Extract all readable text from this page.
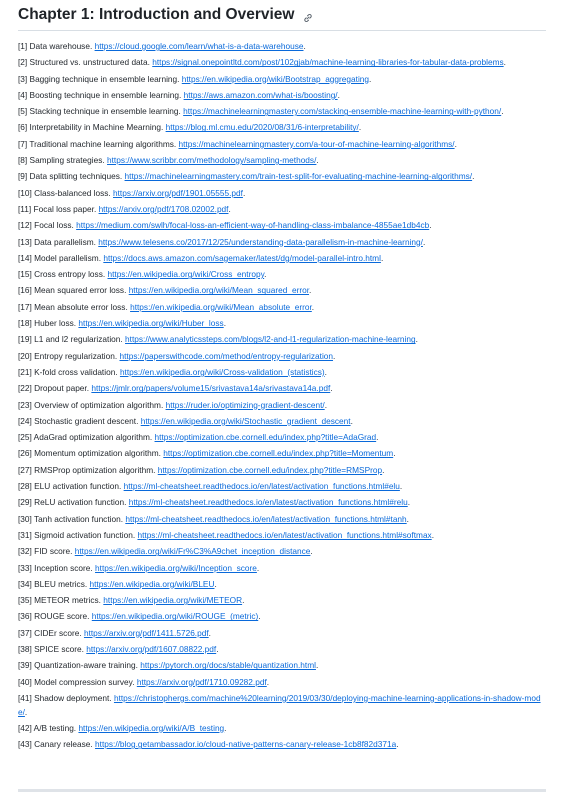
Chapter 1: Introduction and Overview
[1] Data warehouse. https://cloud.google.com/learn/what-is-a-data-warehouse.
[2] Structured vs. unstructured data. https://signal.onepointltd.com/post/102gjab/machine-learning-libraries-for-tabular-data-problems.
[3] Bagging technique in ensemble learning. https://en.wikipedia.org/wiki/Bootstrap_aggregating.
[4] Boosting technique in ensemble learning. https://aws.amazon.com/what-is/boosting/.
[5] Stacking technique in ensemble learning. https://machinelearningmastery.com/stacking-ensemble-machine-learning-with-python/.
[6] Interpretability in Machine Mearning. https://blog.ml.cmu.edu/2020/08/31/6-interpretability/.
[7] Traditional machine learning algorithms. https://machinelearningmastery.com/a-tour-of-machine-learning-algorithms/.
[8] Sampling strategies. https://www.scribbr.com/methodology/sampling-methods/.
[9] Data splitting techniques. https://machinelearningmastery.com/train-test-split-for-evaluating-machine-learning-algorithms/.
[10] Class-balanced loss. https://arxiv.org/pdf/1901.05555.pdf.
[11] Focal loss paper. https://arxiv.org/pdf/1708.02002.pdf.
[12] Focal loss. https://medium.com/swlh/focal-loss-an-efficient-way-of-handling-class-imbalance-4855ae1db4cb.
[13] Data parallelism. https://www.telesens.co/2017/12/25/understanding-data-parallelism-in-machine-learning/.
[14] Model parallelism. https://docs.aws.amazon.com/sagemaker/latest/dg/model-parallel-intro.html.
[15] Cross entropy loss. https://en.wikipedia.org/wiki/Cross_entropy.
[16] Mean squared error loss. https://en.wikipedia.org/wiki/Mean_squared_error.
[17] Mean absolute error loss. https://en.wikipedia.org/wiki/Mean_absolute_error.
[18] Huber loss. https://en.wikipedia.org/wiki/Huber_loss.
[19] L1 and l2 regularization. https://www.analyticssteps.com/blogs/l2-and-l1-regularization-machine-learning.
[20] Entropy regularization. https://paperswithcode.com/method/entropy-regularization.
[21] K-fold cross validation. https://en.wikipedia.org/wiki/Cross-validation_(statistics).
[22] Dropout paper. https://jmlr.org/papers/volume15/srivastava14a/srivastava14a.pdf.
[23] Overview of optimization algorithm. https://ruder.io/optimizing-gradient-descent/.
[24] Stochastic gradient descent. https://en.wikipedia.org/wiki/Stochastic_gradient_descent.
[25] AdaGrad optimization algorithm. https://optimization.cbe.cornell.edu/index.php?title=AdaGrad.
[26] Momentum optimization algorithm. https://optimization.cbe.cornell.edu/index.php?title=Momentum.
[27] RMSProp optimization algorithm. https://optimization.cbe.cornell.edu/index.php?title=RMSProp.
[28] ELU activation function. https://ml-cheatsheet.readthedocs.io/en/latest/activation_functions.html#elu.
[29] ReLU activation function. https://ml-cheatsheet.readthedocs.io/en/latest/activation_functions.html#relu.
[30] Tanh activation function. https://ml-cheatsheet.readthedocs.io/en/latest/activation_functions.html#tanh.
[31] Sigmoid activation function. https://ml-cheatsheet.readthedocs.io/en/latest/activation_functions.html#softmax.
[32] FID score. https://en.wikipedia.org/wiki/Fr%C3%A9chet_inception_distance.
[33] Inception score. https://en.wikipedia.org/wiki/Inception_score.
[34] BLEU metrics. https://en.wikipedia.org/wiki/BLEU.
[35] METEOR metrics. https://en.wikipedia.org/wiki/METEOR.
[36] ROUGE score. https://en.wikipedia.org/wiki/ROUGE_(metric).
[37] CIDEr score. https://arxiv.org/pdf/1411.5726.pdf.
[38] SPICE score. https://arxiv.org/pdf/1607.08822.pdf.
[39] Quantization-aware training. https://pytorch.org/docs/stable/quantization.html.
[40] Model compression survey. https://arxiv.org/pdf/1710.09282.pdf.
[41] Shadow deployment. https://christophergs.com/machine%20learning/2019/03/30/deploying-machine-learning-applications-in-shadow-mode/.
[42] A/B testing. https://en.wikipedia.org/wiki/A/B_testing.
[43] Canary release. https://blog.getambassador.io/cloud-native-patterns-canary-release-1cb8f82d371a.
